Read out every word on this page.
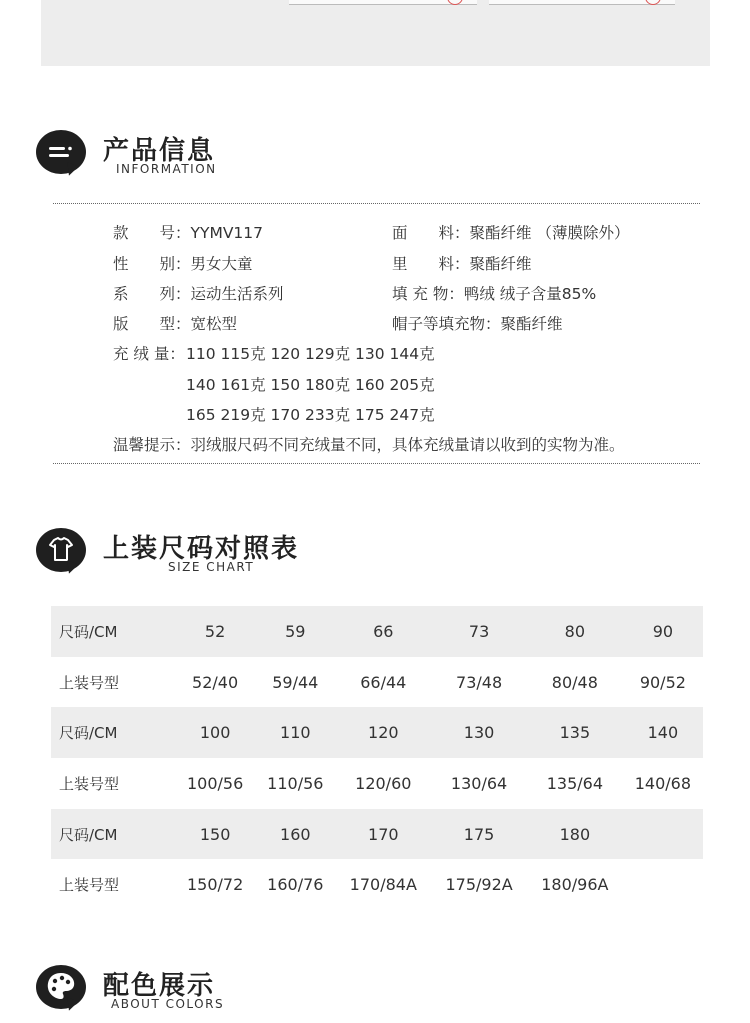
产品信息
INFORMATION
款　　号：YYMV117	面　　料：聚酯纤维 （薄膜除外）
性　　别：男女大童	里　　料：聚酯纤维
系　　列：运动生活系列	填 充 物：鸭绒 绒子含量85%
版　　型：宽松型	帽子等填充物：聚酯纤维
充 绒 量： 110 115克 120 129克 130 144克
140 161克 150 180克 160 205克
165 219克 170 233克 175 247克
温馨提示：羽绒服尺码不同充绒量不同，具体充绒量请以收到的实物为准。
上装尺码对照表
SIZE CHART
尺码/CM	52	59	66	73	80	90
上装号型	52/40	59/44	66/44	73/48	80/48	90/52
尺码/CM	100	110	120	130	135	140
上装号型	100/56	110/56	120/60	130/64	135/64	140/68
尺码/CM	150	160	170	175	180	
上装号型	150/72	160/76	170/84A	175/92A	180/96A	
配色展示
ABOUT COLORS
